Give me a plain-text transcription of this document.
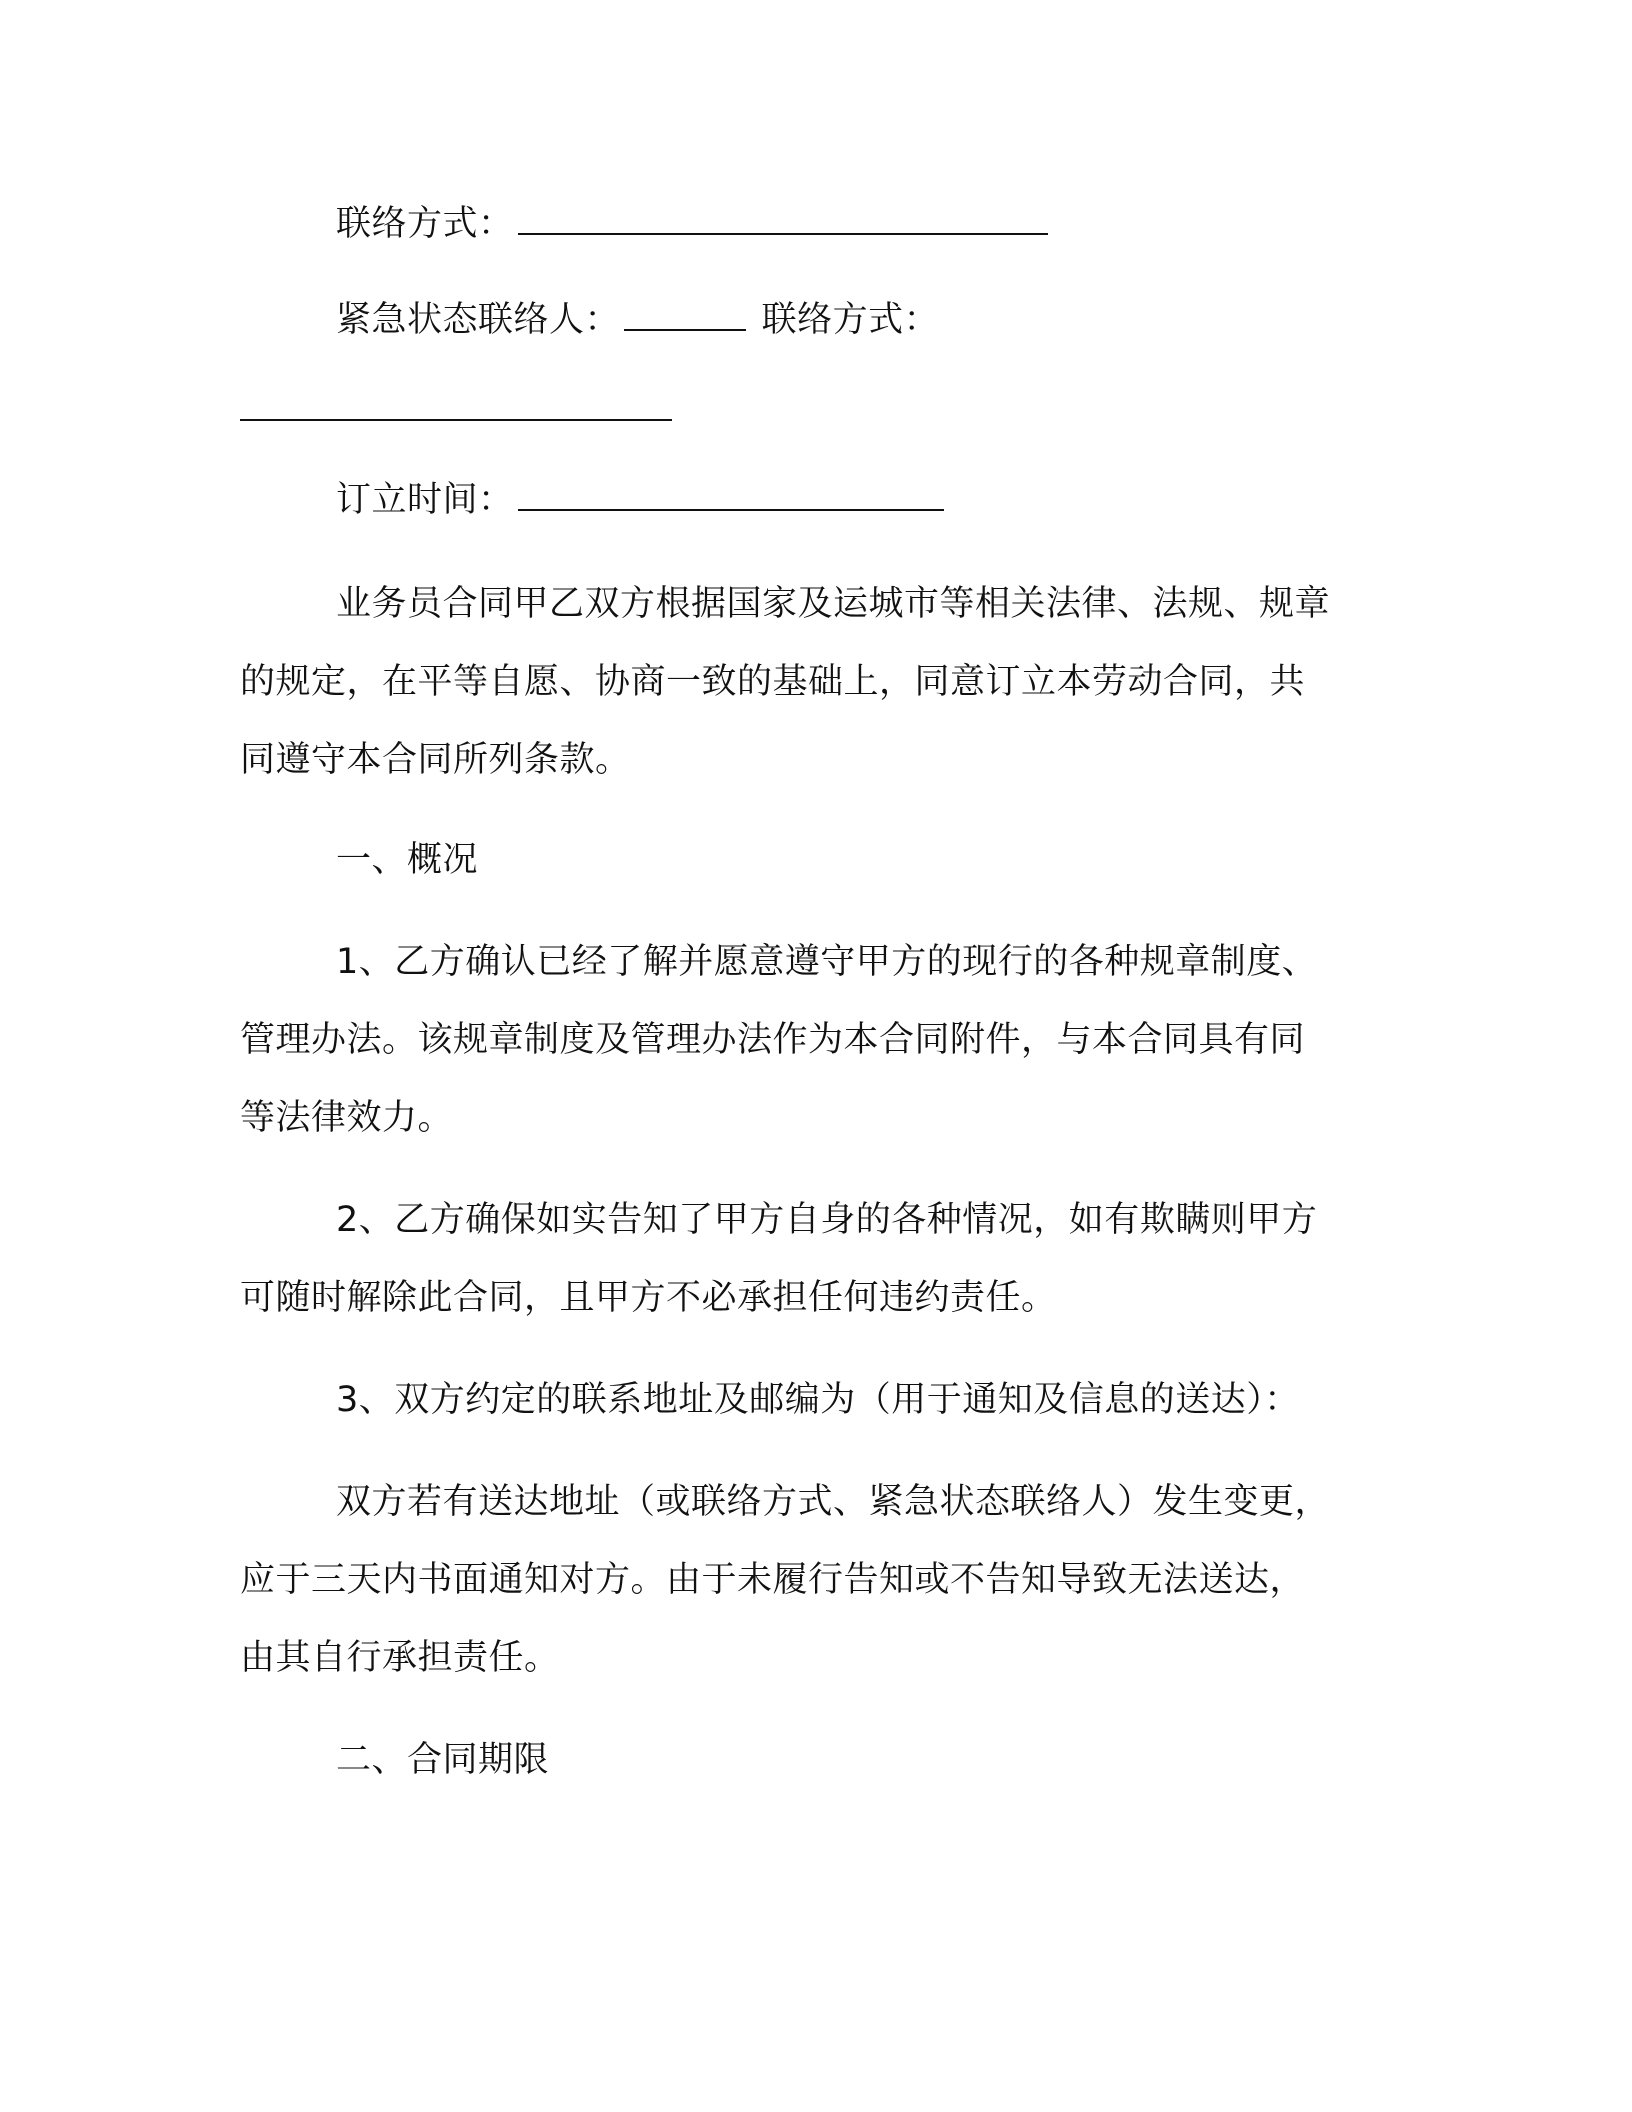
联络方式：
紧急状态联络人：	联络方式：
订立时间：
业务员合同甲乙双方根据国家及运城市等相关法律、法规、规章
的规定，在平等自愿、协商一致的基础上，同意订立本劳动合同，共
同遵守本合同所列条款。
一、概况
1、乙方确认已经了解并愿意遵守甲方的现行的各种规章制度、
管理办法。该规章制度及管理办法作为本合同附件，与本合同具有同
等法律效力。
2、乙方确保如实告知了甲方自身的各种情况，如有欺瞒则甲方
可随时解除此合同，且甲方不必承担任何违约责任。
3、双方约定的联系地址及邮编为（用于通知及信息的送达）：
双方若有送达地址（或联络方式、紧急状态联络人）发生变更，
应于三天内书面通知对方。由于未履行告知或不告知导致无法送达，
由其自行承担责任。
二、合同期限
